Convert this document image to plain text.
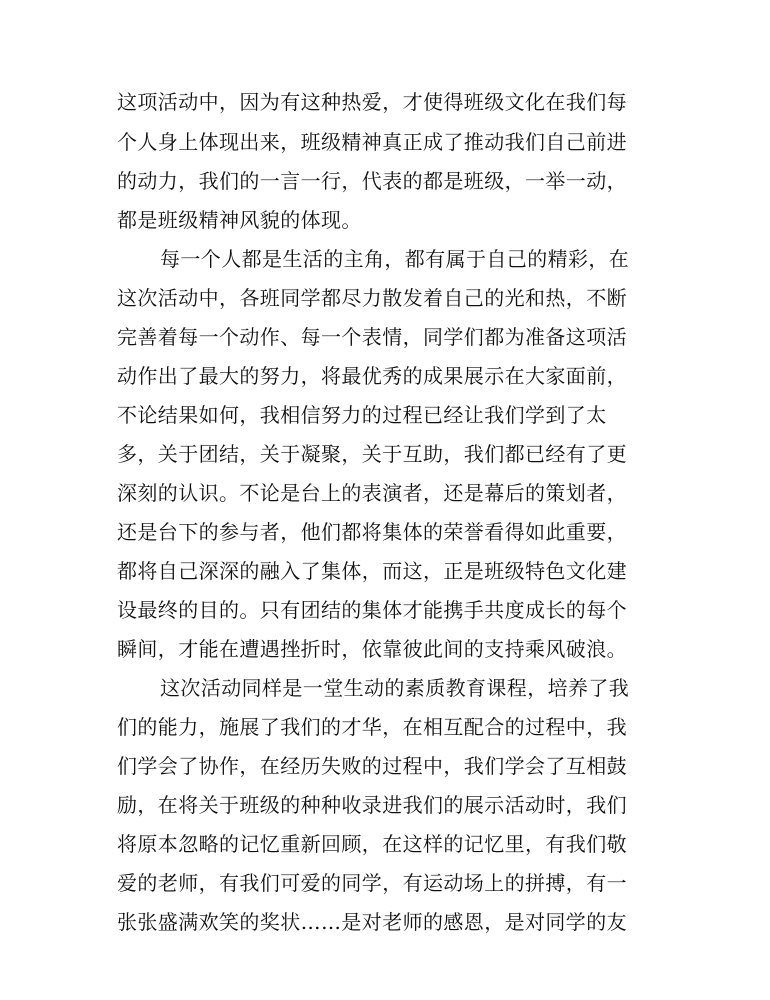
这项活动中，因为有这种热爱，才使得班级文化在我们每
个人身上体现出来，班级精神真正成了推动我们自己前进
的动力，我们的一言一行，代表的都是班级，一举一动，
都是班级精神风貌的体现。
每一个人都是生活的主角，都有属于自己的精彩，在
这次活动中，各班同学都尽力散发着自己的光和热，不断
完善着每一个动作、每一个表情，同学们都为准备这项活
动作出了最大的努力，将最优秀的成果展示在大家面前，
不论结果如何，我相信努力的过程已经让我们学到了太
多，关于团结，关于凝聚，关于互助，我们都已经有了更
深刻的认识。不论是台上的表演者，还是幕后的策划者，
还是台下的参与者，他们都将集体的荣誉看得如此重要，
都将自己深深的融入了集体，而这，正是班级特色文化建
设最终的目的。只有团结的集体才能携手共度成长的每个
瞬间，才能在遭遇挫折时，依靠彼此间的支持乘风破浪。
这次活动同样是一堂生动的素质教育课程，培养了我
们的能力，施展了我们的才华，在相互配合的过程中，我
们学会了协作，在经历失败的过程中，我们学会了互相鼓
励，在将关于班级的种种收录进我们的展示活动时，我们
将原本忽略的记忆重新回顾，在这样的记忆里，有我们敬
爱的老师，有我们可爱的同学，有运动场上的拼搏，有一
张张盛满欢笑的奖状……是对老师的感恩，是对同学的友
